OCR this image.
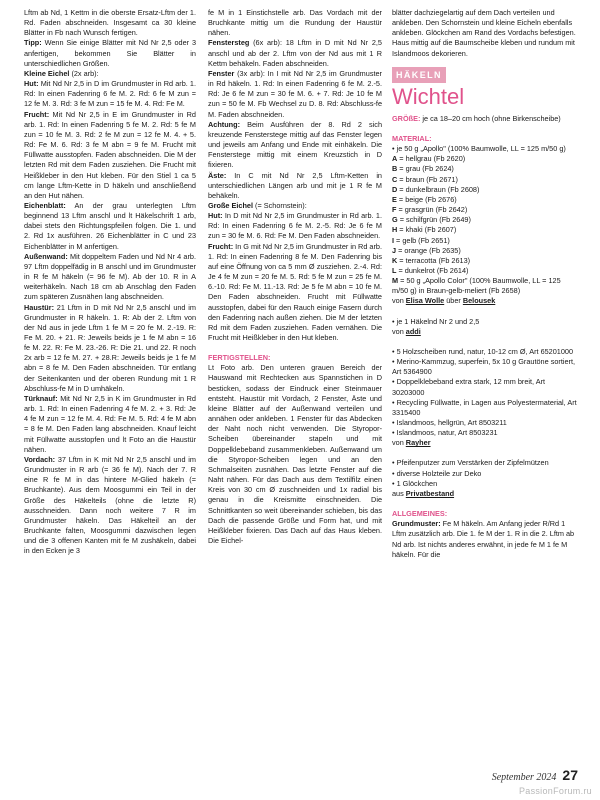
Lftm ab Nd, 1 Kettm in die oberste Ersatz-Lftm der 1. Rd. Faden abschneiden. Insgesamt ca 30 kleine Blätter in Fb nach Wunsch fertigen.

Tipp: Wenn Sie einige Blätter mit Nd Nr 2,5 oder 3 anfertigen, bekommen Sie Blätter in unterschiedlichen Größen.

Kleine Eichel (2x arb):

Hut: Mit Nd Nr 2,5 in D im Grundmuster in Rd arb. 1. Rd: In einen Fadenring 6 fe M. 2. Rd: 6 fe M zun = 12 fe M. 3. Rd: 3 fe M zun = 15 fe M. 4. Rd: Fe M.

Frucht: Mit Nd Nr 2,5 in E im Grundmuster in Rd arb. 1. Rd: In einen Fadenring 5 fe M. 2. Rd: 5 fe M zun = 10 fe M. 3. Rd: 2 fe M zun = 12 fe M. 4. + 5. Rd: Fe M. 6. Rd: 3 fe M abn = 9 fe M. Frucht mit Füllwatte ausstopfen. Faden abschneiden. Die M der letzten Rd mit dem Faden zusziehen. Die Frucht mit Heißkleber in den Hut kleben. Für den Stiel 1 ca 5 cm lange Lftm-Kette in D häkeln und anschließend an den Hut nähen.

Eichenblatt: An der grau unterlegten Lftm beginnend 13 Lftm anschl und lt Häkelschrift 1 arb, dabei stets den Richtungspfeilen folgen. Die 1. und 2. Rd 1x ausführen. 26 Eichenblätter in C und 23 Eichenblätter in M anfertigen.

Außenwand: Mit doppeltem Faden und Nd Nr 4 arb. 97 Lftm doppelfädig in B anschl und im Grundmuster in R fe M häkeln (= 96 fe M). Ab der 10. R in A weiterhäkeln. Nach 18 cm ab Anschlag den Faden zum späteren Zusnähen lang abschneiden.

Haustür: 21 Lftm in D mit Nd Nr 2,5 anschl und im Grundmuster in R häkeln. 1. R: Ab der 2. Lftm von der Nd aus in jede Lftm 1 fe M = 20 fe M. 2.-19. R: Fe M. 20. + 21. R: Jeweils beids je 1 fe M abn = 16 fe M. 22. R: Fe M. 23.-26. R: Die 21. und 22. R noch 2x arb = 12 fe M. 27. + 28.R: Jeweils beids je 1 fe M abn = 8 fe M. Den Faden abschneiden. Tür entlang der Seitenkanten und der oberen Rundung mit 1 R Abschluss-fe M in D umhäkeln.

Türknauf: Mit Nd Nr 2,5 in K im Grundmuster in Rd arb. 1. Rd: In einen Fadenring 4 fe M. 2. + 3. Rd: Je 4 fe M zun = 12 fe M. 4. Rd: Fe M. 5. Rd: 4 fe M abn = 8 fe M. Den Faden lang abschneiden. Knauf leicht mit Füllwatte ausstopfen und lt Foto an die Haustür nähen.

Vordach: 37 Lftm in K mit Nd Nr 2,5 anschl und im Grundmuster in R arb (= 36 fe M). Nach der 7. R eine R fe M in das hintere M-Glied häkeln (= Bruchkante). Aus dem Moosgummi ein Teil in der Größe des Häkelteils (ohne die letzte R) ausschneiden. Dann noch weitere 7 R im Grundmuster häkeln. Das Häkelteil an der Bruchkante falten, Moosgummi dazwischen legen und die 3 offenen Kanten mit fe M zushäkeln, dabei in den Ecken je 3

fe M in 1 Einstichstelle arb. Das Vordach mit der Bruchkante mittig um die Rundung der Haustür nähen.

Fenstersteg (6x arb): 18 Lftm in D mit Nd Nr 2,5 anschl und ab der 2. Lftm von der Nd aus mit 1 R Kettm behäkeln. Faden abschneiden.

Fenster (3x arb): In I mit Nd Nr 2,5 im Grundmuster in Rd häkeln. 1. Rd: In einen Fadenring 6 fe M. 2.-5. Rd: Je 6 fe M zun = 30 fe M. 6. + 7. Rd: Je 10 fe M zun = 50 fe M. Fb Wechsel zu D. 8. Rd: Abschluss-fe M. Faden abschneiden.

Achtung: Beim Ausführen der 8. Rd 2 sich kreuzende Fensterstege mittig auf das Fenster legen und jeweils am Anfang und Ende mit einhäkeln. Die Fensterstege mittig mit einem Kreuzstich in D fixieren.

Äste: In C mit Nd Nr 2,5 Lftm-Ketten in unterschiedlichen Längen arb und mit je 1 R fe M behäkeln.

Große Eichel (= Schornstein):

Hut: In D mit Nd Nr 2,5 im Grundmuster in Rd arb. 1. Rd: In einen Fadenring 6 fe M. 2.-5. Rd: Je 6 fe M zun = 30 fe M. 6. Rd: Fe M. Den Faden abschneiden.

Frucht: In G mit Nd Nr 2,5 im Grundmuster in Rd arb. 1. Rd: In einen Fadenring 8 fe M. Den Fadenring bis auf eine Öffnung von ca 5 mm Ø zusziehen. 2.-4. Rd: Je 4 fe M zun = 20 fe M. 5. Rd: 5 fe M zun = 25 fe M. 6.-10. Rd: Fe M. 11.-13. Rd: Je 5 fe M abn = 10 fe M. Den Faden abschneiden. Frucht mit Füllwatte ausstopfen, dabei für den Rauch einige Fasern durch den Fadenring nach außen ziehen. Die M der letzten Rd mit dem Faden zusziehen. Faden vernähen. Die Frucht mit Heißkleber in den Hut kleben.

FERTIGSTELLEN:

Lt Foto arb. Den unteren grauen Bereich der Hauswand mit Rechtecken aus Spannstichen in D besticken, sodass der Eindruck einer Steinmauer entsteht. Haustür mit Vordach, 2 Fenster, Äste und kleine Blätter auf der Außenwand verteilen und annähen oder ankleben. 1 Fenster für das Abdecken der Naht noch nicht verwenden. Die Styropor-Scheiben übereinander stapeln und mit Doppelklebeband zusammenkleben. Außenwand um die Styropor-Scheiben legen und an den Schmalseiten zusnähen. Das letzte Fenster auf die Naht nähen. Für das Dach aus dem Textilfilz einen Kreis von 30 cm Ø zuschneiden und 1x radial bis genau in die Kreismitte einschneiden. Die Schnittkanten so weit übereinander schieben, bis das Dach die passende Größe und Form hat, und mit Heißkleber fixieren. Das Dach auf das Haus kleben. Die Eichel-

blätter dachziegelartig auf dem Dach verteilen und ankleben. Den Schornstein und kleine Eicheln ebenfalls ankleben. Glöckchen am Rand des Vordachs befestigen. Haus mittig auf die Baumscheibe kleben und rundum mit Islandmoos dekorieren.

HÄKELN
Wichtel

GRÖßE: je ca 18–20 cm hoch (ohne Birkenscheibe)

MATERIAL:

• je 50 g „Apollo" (100% Baumwolle, LL = 125 m/50 g)

A = hellgrau (Fb 2620)

B = grau (Fb 2624)

C = braun (Fb 2671)

D = dunkelbraun (Fb 2608)

E = beige (Fb 2676)

F = grasgrün (Fb 2642)

G = schilfgrün (Fb 2649)

H = khaki (Fb 2607)

I = gelb (Fb 2651)

J = orange (Fb 2635)

K = terracotta (Fb 2613)

L = dunkelrot (Fb 2614)

M = 50 g „Apollo Color" (100% Baumwolle, LL = 125 m/50 g) in Braun-gelb-meliert (Fb 2658)

von Elisa Wolle über Belousek

• je 1 Häkelnd Nr 2 und 2,5

von addi

• 5 Holzscheiben rund, natur, 10-12 cm Ø, Art 65201000

• Merino-Kammzug, superfein, 5x 10 g Grautöne sortiert, Art 5364900

• Doppelklebeband extra stark, 12 mm breit, Art 30203000

• Recycling Füllwatte, in Lagen aus Polyestermaterial, Art 3315400

• Islandmoos, hellgrün, Art 8503211

• Islandmoos, natur, Art 8503231

von Rayher

• Pfeifenputzer zum Verstärken der Zipfelmützen

• diverse Holzteile zur Deko

• 1 Glöckchen

aus Privatbestand

ALLGEMEINES:

Grundmuster: Fe M häkeln. Am Anfang jeder R/Rd 1 Lftm zusätzlich arb. Die 1. fe M der 1. R in die 2. Lftm ab Nd arb. Ist nichts anderes erwähnt, in jede fe M 1 fe M häkeln. Für die

September 2024 27
PassionForum.ru
